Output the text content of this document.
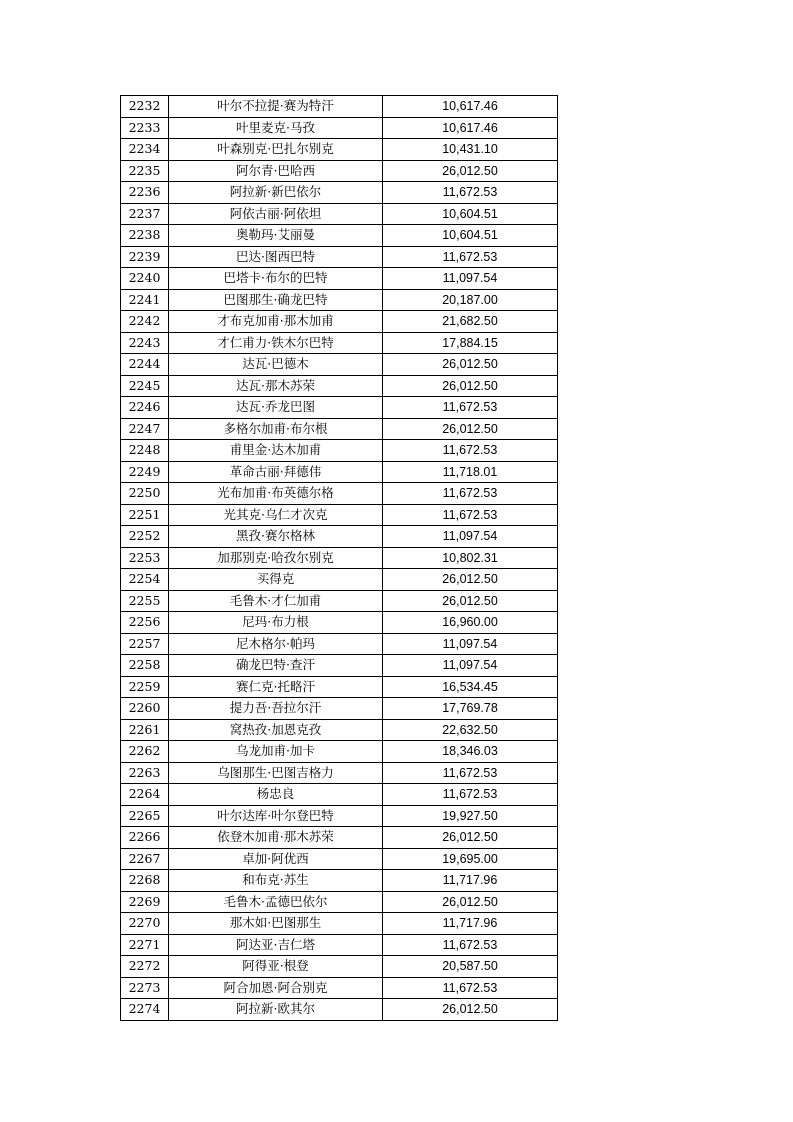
2232	叶尔不拉提·赛为特汗	10,617.46
2233	叶里麦克·马孜	10,617.46
2234	叶森别克·巴扎尔别克	10,431.10
2235	阿尔青·巴哈西	26,012.50
2236	阿拉新·新巴依尔	11,672.53
2237	阿依古丽·阿依坦	10,604.51
2238	奥勒玛·艾丽曼	10,604.51
2239	巴达·图西巴特	11,672.53
2240	巴塔卡·布尔的巴特	11,097.54
2241	巴图那生·确龙巴特	20,187.00
2242	才布克加甫·那木加甫	21,682.50
2243	才仁甫力·铁木尔巴特	17,884.15
2244	达瓦·巴德木	26,012.50
2245	达瓦·那木苏荣	26,012.50
2246	达瓦·乔龙巴图	11,672.53
2247	多格尔加甫·布尔根	26,012.50
2248	甫里金·达木加甫	11,672.53
2249	革命古丽·拜德伟	11,718.01
2250	光布加甫·布英德尔格	11,672.53
2251	光其克·乌仁才次克	11,672.53
2252	黑孜·赛尔格林	11,097.54
2253	加那别克·哈孜尔别克	10,802.31
2254	买得克	26,012.50
2255	毛鲁木·才仁加甫	26,012.50
2256	尼玛·布力根	16,960.00
2257	尼木格尔·帕玛	11,097.54
2258	确龙巴特·查汗	11,097.54
2259	赛仁克·托略汗	16,534.45
2260	提力吾·吾拉尔汗	17,769.78
2261	窝热孜·加恩克孜	22,632.50
2262	乌龙加甫·加卡	18,346.03
2263	乌图那生·巴图吉格力	11,672.53
2264	杨忠良	11,672.53
2265	叶尔达库·叶尔登巴特	19,927.50
2266	依登木加甫·那木苏荣	26,012.50
2267	卓加·阿优西	19,695.00
2268	和布克·苏生	11,717.96
2269	毛鲁木·孟德巴依尔	26,012.50
2270	那木如·巴图那生	11,717.96
2271	阿达亚·吉仁塔	11,672.53
2272	阿得亚·根登	20,587.50
2273	阿合加恩·阿合别克	11,672.53
2274	阿拉新·欧其尔	26,012.50
